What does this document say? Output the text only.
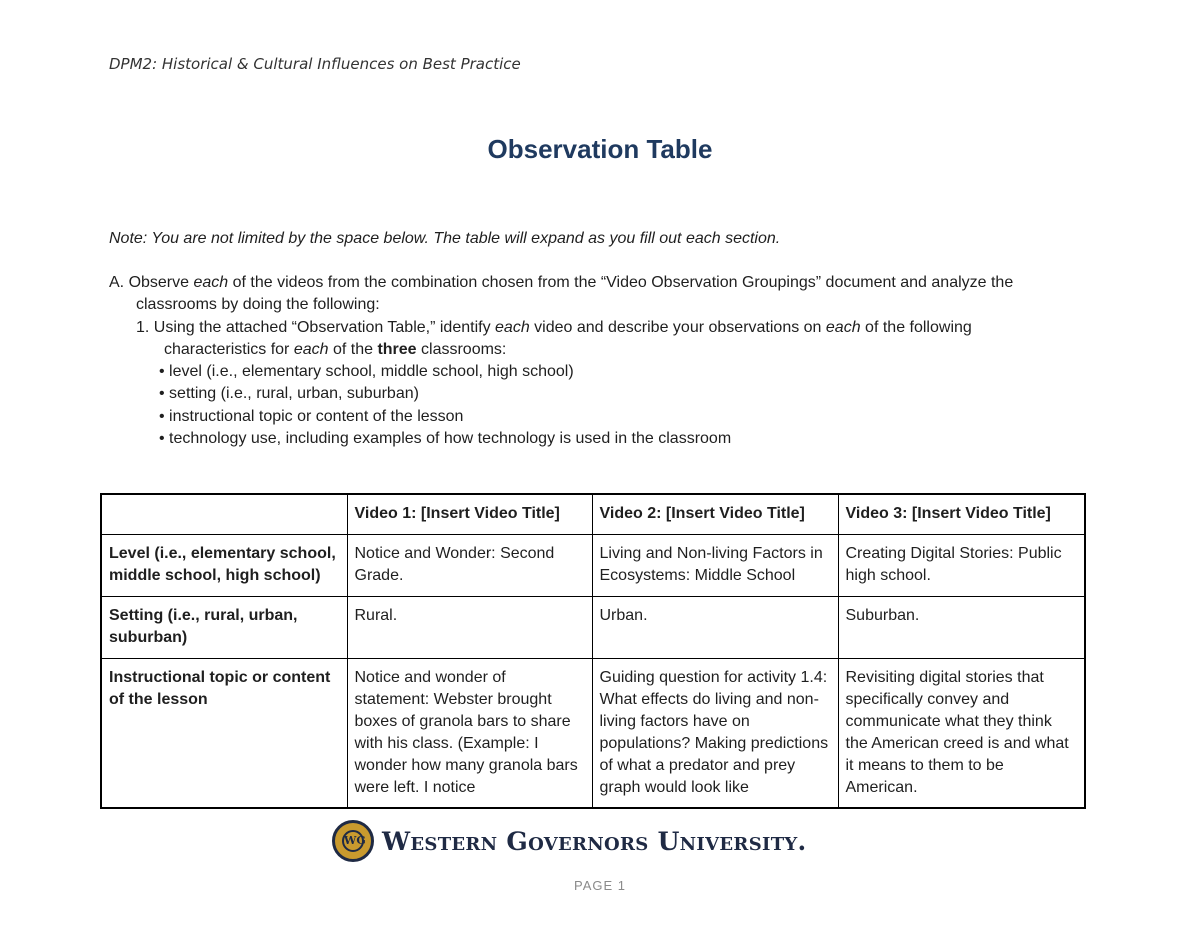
DPM2: Historical & Cultural Influences on Best Practice
Observation Table
Note: You are not limited by the space below. The table will expand as you fill out each section.
A. Observe each of the videos from the combination chosen from the “Video Observation Groupings” document and analyze the
classrooms by doing the following:
1. Using the attached “Observation Table,” identify each video and describe your observations on each of the following
characteristics for each of the three classrooms:
• level (i.e., elementary school, middle school, high school)
• setting (i.e., rural, urban, suburban)
• instructional topic or content of the lesson
• technology use, including examples of how technology is used in the classroom
	Video 1: [Insert Video Title]	Video 2: [Insert Video Title]	Video 3: [Insert Video Title]
Level (i.e., elementary school, middle school, high school)	Notice and Wonder: Second Grade.	Living and Non-living Factors in Ecosystems: Middle School	Creating Digital Stories: Public high school.
Setting (i.e., rural, urban, suburban)	Rural.	Urban.	Suburban.
Instructional topic or content of the lesson	Notice and wonder of statement: Webster brought boxes of granola bars to share with his class. (Example: I wonder how many granola bars were left. I notice	Guiding question for activity 1.4: What effects do living and non-living factors have on populations? Making predictions of what a predator and prey graph would look like	Revisiting digital stories that specifically convey and communicate what they think the American creed is and what it means to them to be American.
WG Western Governors University.
PAGE 1
